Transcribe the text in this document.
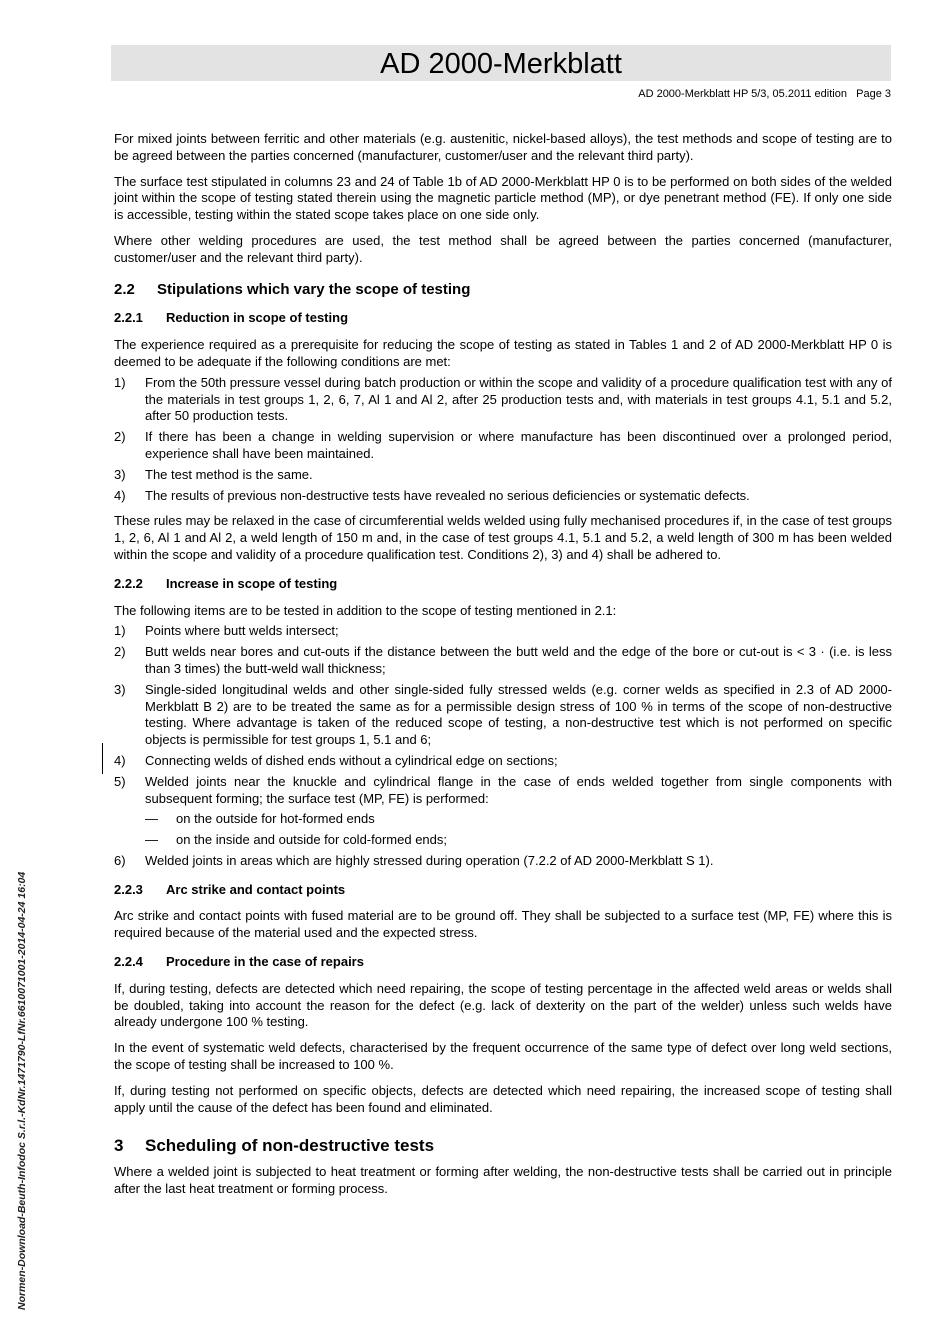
AD 2000-Merkblatt
AD 2000-Merkblatt HP 5/3, 05.2011 edition   Page 3

For mixed joints between ferritic and other materials (e.g. austenitic, nickel-based alloys), the test methods and scope of testing are to be agreed between the parties concerned (manufacturer, customer/user and the relevant third party).

The surface test stipulated in columns 23 and 24 of Table 1b of AD 2000-Merkblatt HP 0 is to be performed on both sides of the welded joint within the scope of testing stated therein using the magnetic particle method (MP), or dye penetrant method (FE). If only one side is accessible, testing within the stated scope takes place on one side only.

Where other welding procedures are used, the test method shall be agreed between the parties concerned (manufacturer, customer/user and the relevant third party).

2.2 Stipulations which vary the scope of testing
2.2.1 Reduction in scope of testing

The experience required as a prerequisite for reducing the scope of testing as stated in Tables 1 and 2 of AD 2000-Merkblatt HP 0 is deemed to be adequate if the following conditions are met:

1)	From the 50th pressure vessel during batch production or within the scope and validity of a procedure qualification test with any of the materials in test groups 1, 2, 6, 7, Al 1 and Al 2, after 25 production tests and, with materials in test groups 4.1, 5.1 and 5.2, after 50 production tests.
2)	If there has been a change in welding supervision or where manufacture has been discontinued over a prolonged period, experience shall have been maintained.
3)	The test method is the same.
4)	The results of previous non-destructive tests have revealed no serious deficiencies or systematic defects.

These rules may be relaxed in the case of circumferential welds welded using fully mechanised procedures if, in the case of test groups 1, 2, 6, Al 1 and Al 2, a weld length of 150 m and, in the case of test groups 4.1, 5.1 and 5.2, a weld length of 300 m has been welded within the scope and validity of a procedure qualification test. Conditions 2), 3) and 4) shall be adhered to.

2.2.2 Increase in scope of testing

The following items are to be tested in addition to the scope of testing mentioned in 2.1:

1)	Points where butt welds intersect;
2)	Butt welds near bores and cut-outs if the distance between the butt weld and the edge of the bore or cut-out is < 3 · (i.e. is less than 3 times) the butt-weld wall thickness;
3)	Single-sided longitudinal welds and other single-sided fully stressed welds (e.g. corner welds as specified in 2.3 of AD 2000-Merkblatt B 2) are to be treated the same as for a permissible design stress of 100 % in terms of the scope of non-destructive testing. Where advantage is taken of the reduced scope of testing, a non-destructive test which is not performed on specific objects is permissible for test groups 1, 5.1 and 6;
4)	Connecting welds of dished ends without a cylindrical edge on sections;
5)	Welded joints near the knuckle and cylindrical flange in the case of ends welded together from single components with subsequent forming; the surface test (MP, FE) is performed:
—	on the outside for hot-formed ends
—	on the inside and outside for cold-formed ends;
6)	Welded joints in areas which are highly stressed during operation (7.2.2 of AD 2000-Merkblatt S 1).
2.2.3 Arc strike and contact points

Arc strike and contact points with fused material are to be ground off. They shall be subjected to a surface test (MP, FE) where this is required because of the material used and the expected stress.

2.2.4 Procedure in the case of repairs

If, during testing, defects are detected which need repairing, the scope of testing percentage in the affected weld areas or welds shall be doubled, taking into account the reason for the defect (e.g. lack of dexterity on the part of the welder) unless such welds have already undergone 100 % testing.

In the event of systematic weld defects, characterised by the frequent occurrence of the same type of defect over long weld sections, the scope of testing shall be increased to 100 %.

If, during testing not performed on specific objects, defects are detected which need repairing, the increased scope of testing shall apply until the cause of the defect has been found and eliminated.

3 Scheduling of non-destructive tests

Where a welded joint is subjected to heat treatment or forming after welding, the non-destructive tests shall be carried out in principle after the last heat treatment or forming process.

Normen-Download-Beuth-Infodoc S.r.l.-KdNr.1471790-LfNr.6610071001-2014-04-24 16:04
